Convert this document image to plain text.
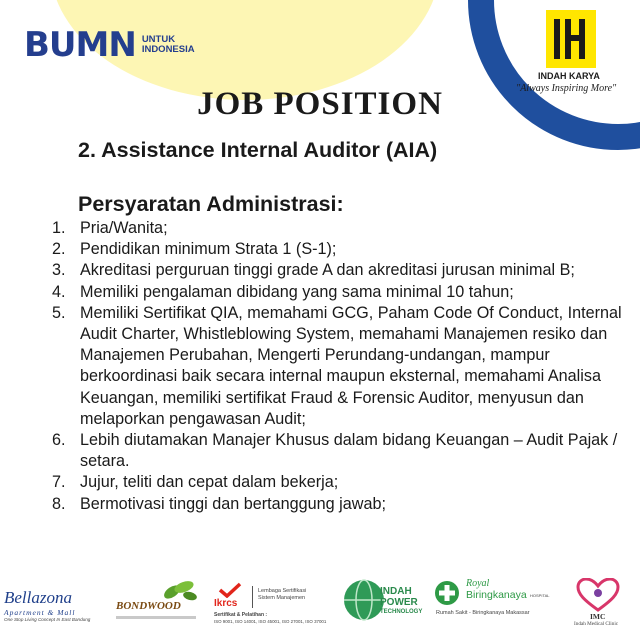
BUMN UNTUK
INDONESIA
INDAH KARYA
"Always Inspiring More"
JOB POSITION
2. Assistance Internal Auditor (AIA)
Persyaratan Administrasi:
1. Pria/Wanita;
2. Pendidikan minimum Strata 1 (S-1);
3. Akreditasi perguruan tinggi grade A dan akreditasi jurusan minimal B;
4. Memiliki pengalaman dibidang yang sama minimal 10 tahun;
5. Memiliki Sertifikat QIA, memahami GCG, Paham Code Of Conduct, Internal Audit Charter, Whistleblowing System, memahami Manajemen resiko dan Manajemen Perubahan, Mengerti Perundang-undangan, mampur berkoordinasi baik secara internal maupun eksternal, memahami Analisa Keuangan, memiliki sertifikat Fraud & Forensic Auditor, menyusun dan melaporkan pengawasan Audit;
6. Lebih diutamakan Manajer Khusus dalam bidang Keuangan – Audit Pajak / setara.
7. Jujur, teliti dan cepat dalam bekerja;
8. Bermotivasi tinggi dan bertanggung jawab;
Bellazona
Apartment & Mall
One Stop Living Concept In East Bandung
BONDWOOD	Ikrcs
Lembaga Sertifikasi
Sistem Manajemen
Sertifikat & Pelatihan :
ISO 9001, ISO 14001, ISO 45001, ISO 27001, ISO 37001
INDAH
POWER
TECHNOLOGY
Royal
Biringkanaya HOSPITAL
Rumah Sakit - Biringkanaya Makassar	IMC
Indah Medical Clinic
